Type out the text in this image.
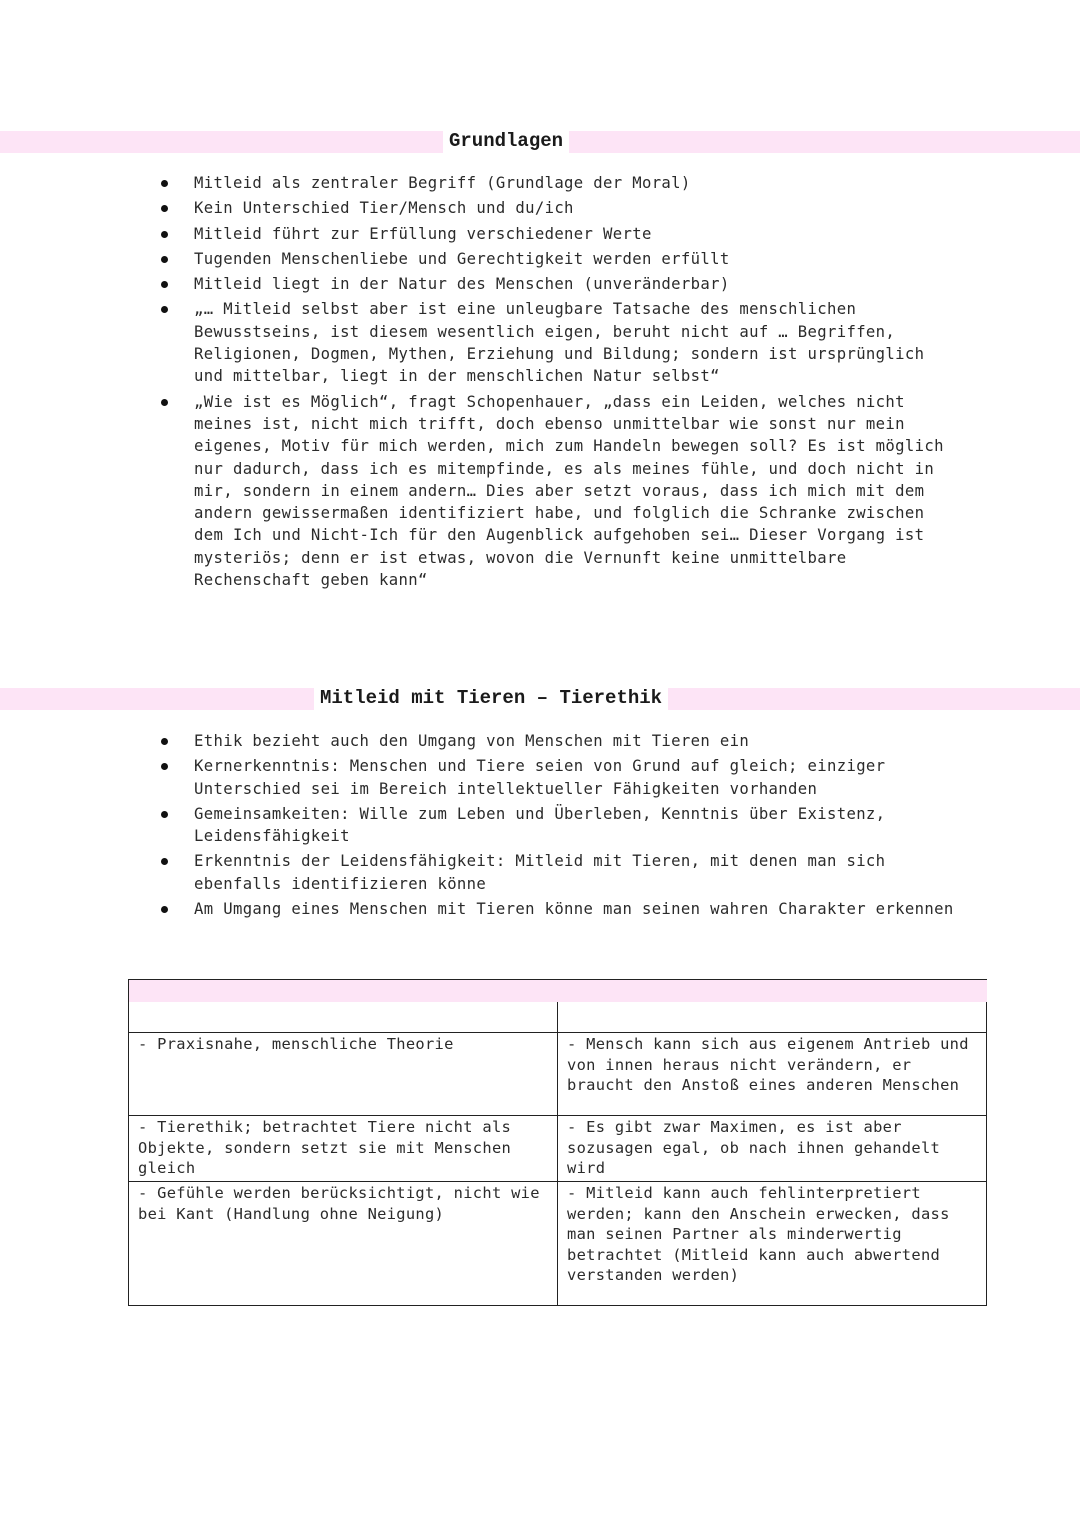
Grundlagen
Mitleid als zentraler Begriff (Grundlage der Moral)
Kein Unterschied Tier/Mensch und du/ich
Mitleid führt zur Erfüllung verschiedener Werte
Tugenden Menschenliebe und Gerechtigkeit werden erfüllt
Mitleid liegt in der Natur des Menschen (unveränderbar)
„… Mitleid selbst aber ist eine unleugbare Tatsache des menschlichen Bewusstseins, ist diesem wesentlich eigen, beruht nicht auf … Begriffen, Religionen, Dogmen, Mythen, Erziehung und Bildung; sondern ist ursprünglich und mittelbar, liegt in der menschlichen Natur selbst“
„Wie ist es Möglich“, fragt Schopenhauer, „dass ein Leiden, welches nicht meines ist, nicht mich trifft, doch ebenso unmittelbar wie sonst nur mein eigenes, Motiv für mich werden, mich zum Handeln bewegen soll? Es ist möglich nur dadurch, dass ich es mitempfinde, es als meines fühle, und doch nicht in mir, sondern in einem andern… Dies aber setzt voraus, dass ich mich mit dem andern gewissermaßen identifiziert habe, und folglich die Schranke zwischen dem Ich und Nicht-Ich für den Augenblick aufgehoben sei… Dieser Vorgang ist mysteriös; denn er ist etwas, wovon die Vernunft keine unmittelbare Rechenschaft geben kann“
Mitleid mit Tieren – Tierethik
Ethik bezieht auch den Umgang von Menschen mit Tieren ein
Kernerkenntnis: Menschen und Tiere seien von Grund auf gleich; einziger Unterschied sei im Bereich intellektueller Fähigkeiten vorhanden
Gemeinsamkeiten: Wille zum Leben und Überleben, Kenntnis über Existenz, Leidensfähigkeit
Erkenntnis der Leidensfähigkeit: Mitleid mit Tieren, mit denen man sich ebenfalls identifizieren könne
Am Umgang eines Menschen mit Tieren könne man seinen wahren Charakter erkennen

- Praxisnahe, menschliche Theorie	- Mensch kann sich aus eigenem Antrieb und von innen heraus nicht verändern, er braucht den Anstoß eines anderen Menschen
- Tierethik; betrachtet Tiere nicht als Objekte, sondern setzt sie mit Menschen gleich	- Es gibt zwar Maximen, es ist aber sozusagen egal, ob nach ihnen gehandelt wird
- Gefühle werden berücksichtigt, nicht wie bei Kant (Handlung ohne Neigung)	- Mitleid kann auch fehlinterpretiert werden; kann den Anschein erwecken, dass man seinen Partner als minderwertig betrachtet (Mitleid kann auch abwertend verstanden werden)
